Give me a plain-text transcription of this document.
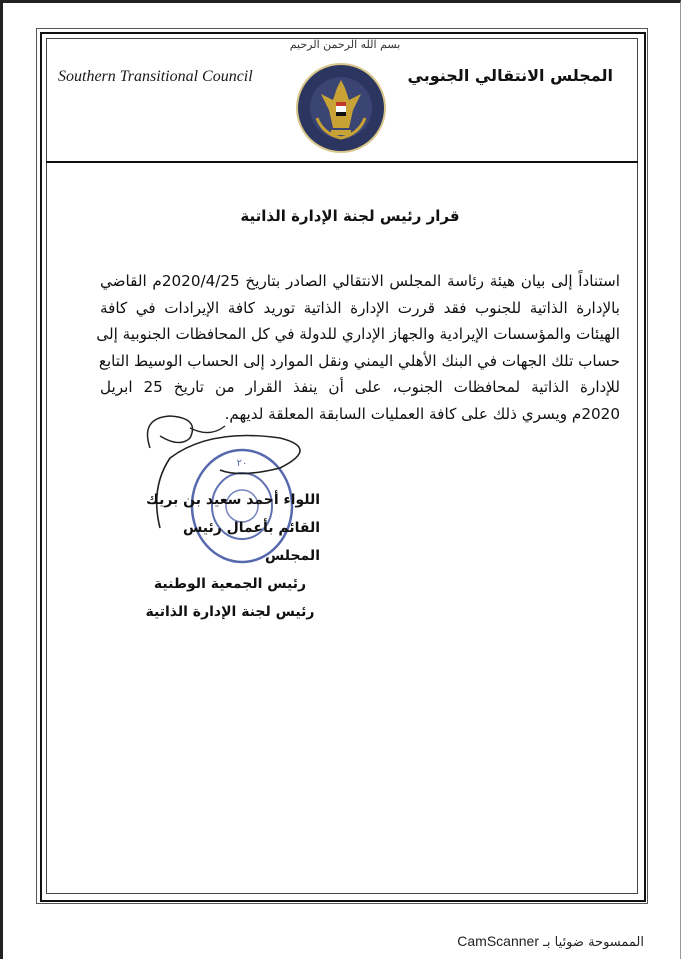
بسم الله الرحمن الرحيم
Southern Transitional Council	المجلس الانتقالي الجنوبي
قرار رئيس لجنة الإدارة الذاتية
استناداً إلى بيان هيئة رئاسة المجلس الانتقالي الصادر بتاريخ 2020/4/25م القاضي
بالإدارة الذاتية للجنوب فقد قررت الإدارة الذاتية توريد كافة الإيرادات في كافة
الهيئات والمؤسسات الإيرادية والجهاز الإداري للدولة في كل المحافظات الجنوبية إلى
حساب تلك الجهات في البنك الأهلي اليمني ونقل الموارد إلى الحساب الوسيط التابع
للإدارة الذاتية لمحافظات الجنوب، على أن ينفذ القرار من تاريخ 25 ابريل
2020م ويسري ذلك على كافة العمليات السابقة المعلقة لديهم.
٢٠
اللواء أحمد سعيد بن بريك
القائم بأعمال رئيس المجلس
رئيس الجمعية الوطنية
رئيس لجنة الإدارة الذاتية
الممسوحة ضوئيا بـ CamScanner
